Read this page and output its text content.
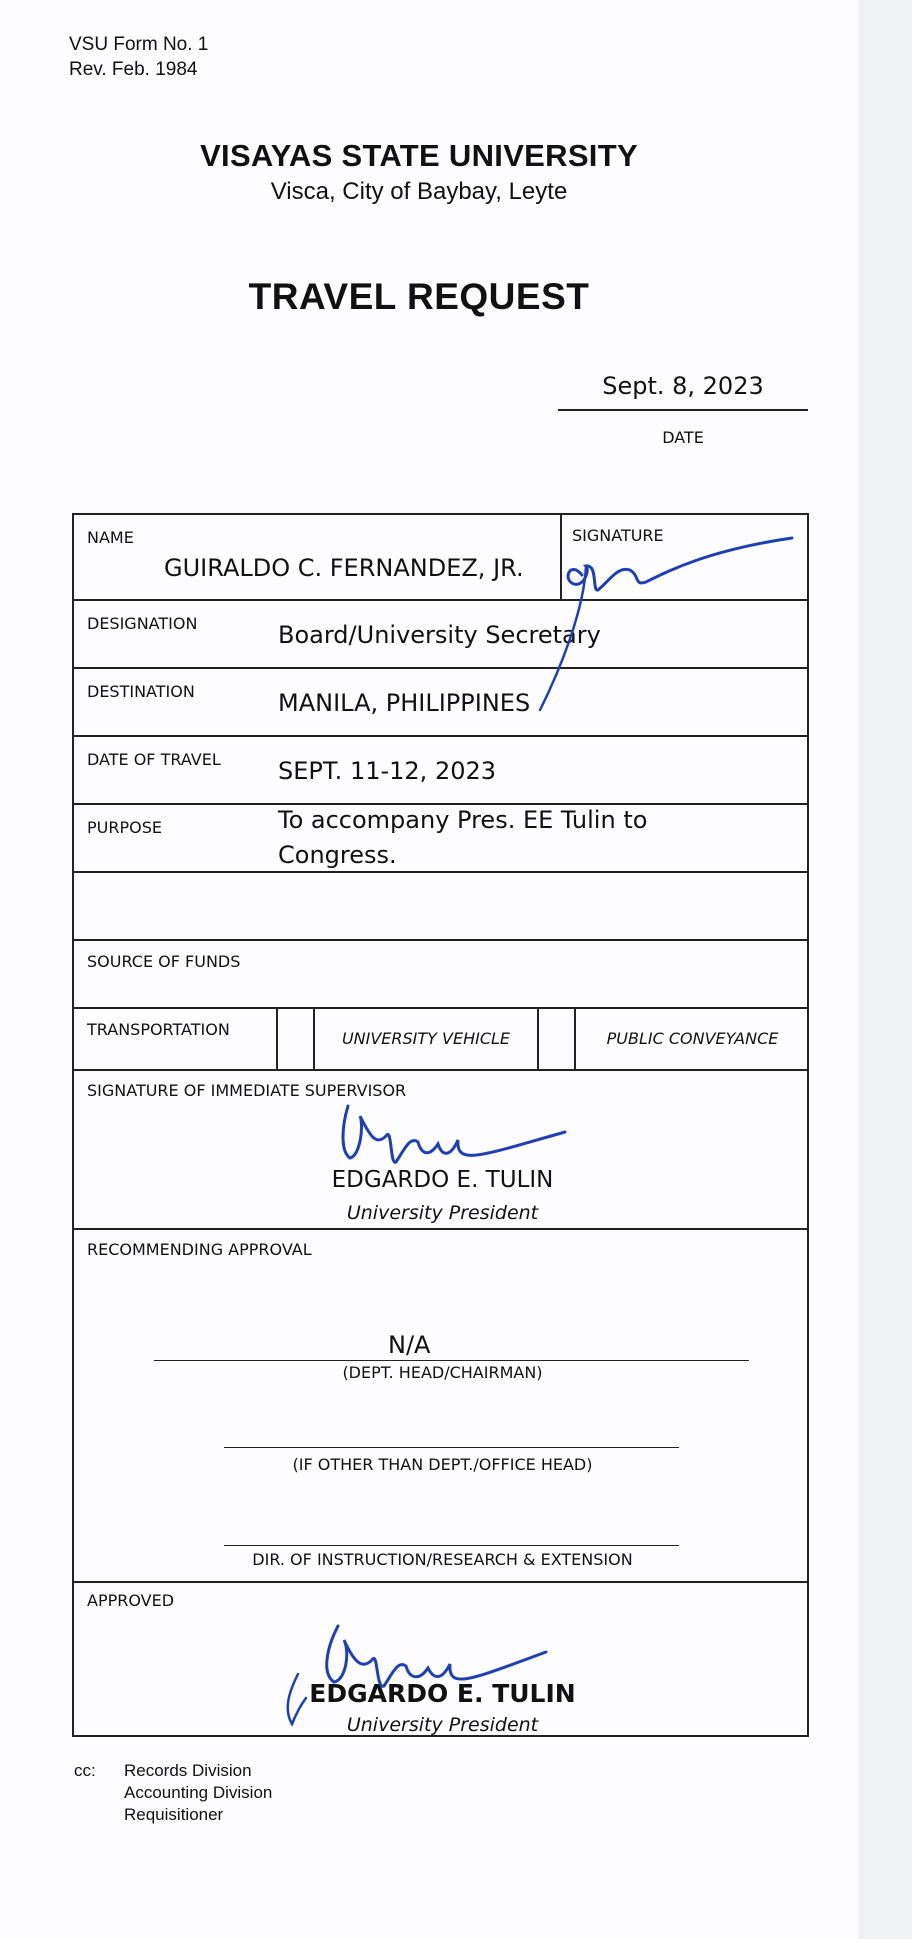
VSU Form No. 1
Rev. Feb. 1984
VISAYAS STATE UNIVERSITY
Visca, City of Baybay, Leyte
TRAVEL REQUEST
Sept. 8, 2023
DATE
NAME
GUIRALDO C. FERNANDEZ, JR.
SIGNATURE
DESIGNATION	Board/University Secretary
DESTINATION	MANILA, PHILIPPINES
DATE OF TRAVEL SEPT. 11-12, 2023
PURPOSE	To accompany Pres. EE Tulin to
Congress.
SOURCE OF FUNDS
TRANSPORTATION	UNIVERSITY VEHICLE	PUBLIC CONVEYANCE
SIGNATURE OF IMMEDIATE SUPERVISOR
EDGARDO E. TULIN
University President
RECOMMENDING APPROVAL
N/A
(DEPT. HEAD/CHAIRMAN)
(IF OTHER THAN DEPT./OFFICE HEAD)
DIR. OF INSTRUCTION/RESEARCH & EXTENSION
APPROVED
EDGARDO E. TULIN
University President
cc: Records Division
Accounting Division
Requisitioner
